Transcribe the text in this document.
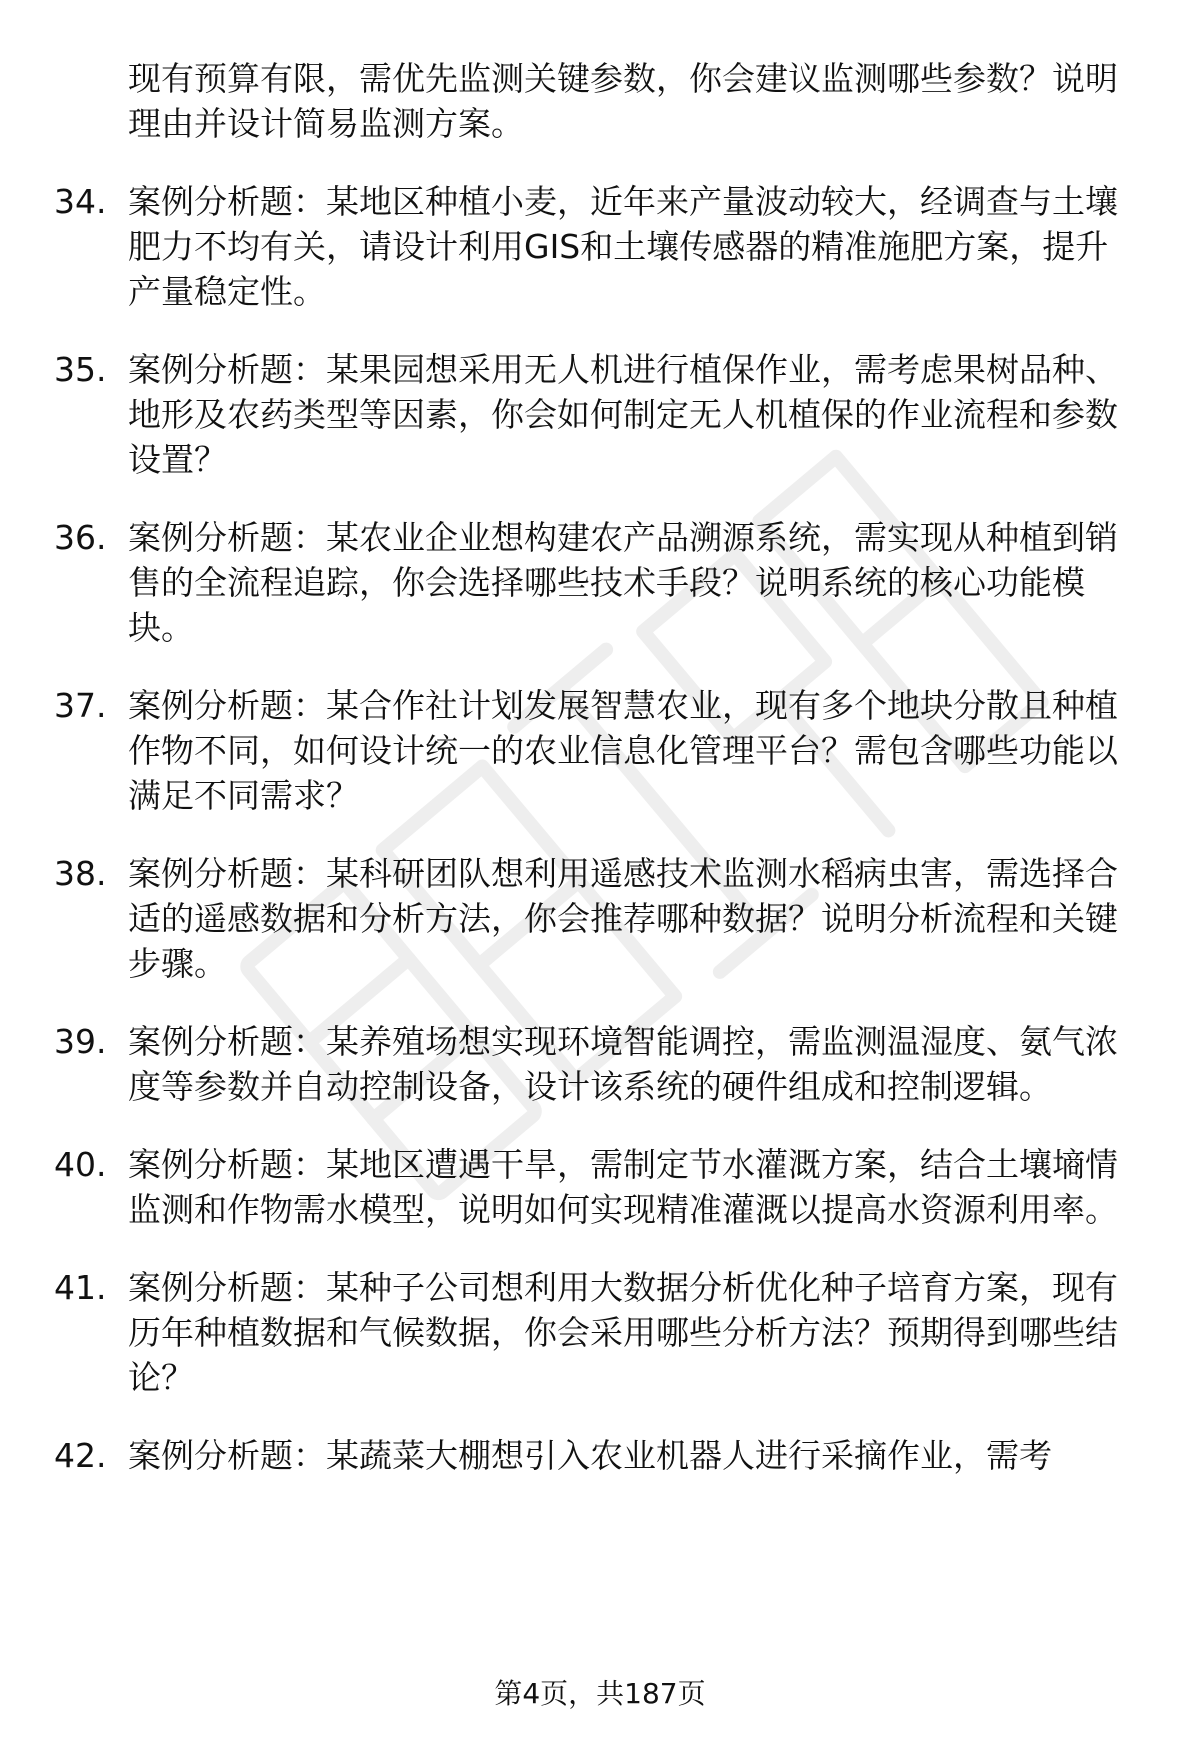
现有预算有限，需优先监测关键参数，你会建议监测哪些参数？说明理由并设计简易监测方案。
34. 案例分析题：某地区种植小麦，近年来产量波动较大，经调查与土壤肥力不均有关，请设计利用GIS和土壤传感器的精准施肥方案，提升产量稳定性。
35. 案例分析题：某果园想采用无人机进行植保作业，需考虑果树品种、地形及农药类型等因素，你会如何制定无人机植保的作业流程和参数设置？
36. 案例分析题：某农业企业想构建农产品溯源系统，需实现从种植到销售的全流程追踪，你会选择哪些技术手段？说明系统的核心功能模块。
37. 案例分析题：某合作社计划发展智慧农业，现有多个地块分散且种植作物不同，如何设计统一的农业信息化管理平台？需包含哪些功能以满足不同需求？
38. 案例分析题：某科研团队想利用遥感技术监测水稻病虫害，需选择合适的遥感数据和分析方法，你会推荐哪种数据？说明分析流程和关键步骤。
39. 案例分析题：某养殖场想实现环境智能调控，需监测温湿度、氨气浓度等参数并自动控制设备，设计该系统的硬件组成和控制逻辑。
40. 案例分析题：某地区遭遇干旱，需制定节水灌溉方案，结合土壤墒情监测和作物需水模型，说明如何实现精准灌溉以提高水资源利用率。
41. 案例分析题：某种子公司想利用大数据分析优化种子培育方案，现有历年种植数据和气候数据，你会采用哪些分析方法？预期得到哪些结论？
42. 案例分析题：某蔬菜大棚想引入农业机器人进行采摘作业，需考
第4页，共187页
